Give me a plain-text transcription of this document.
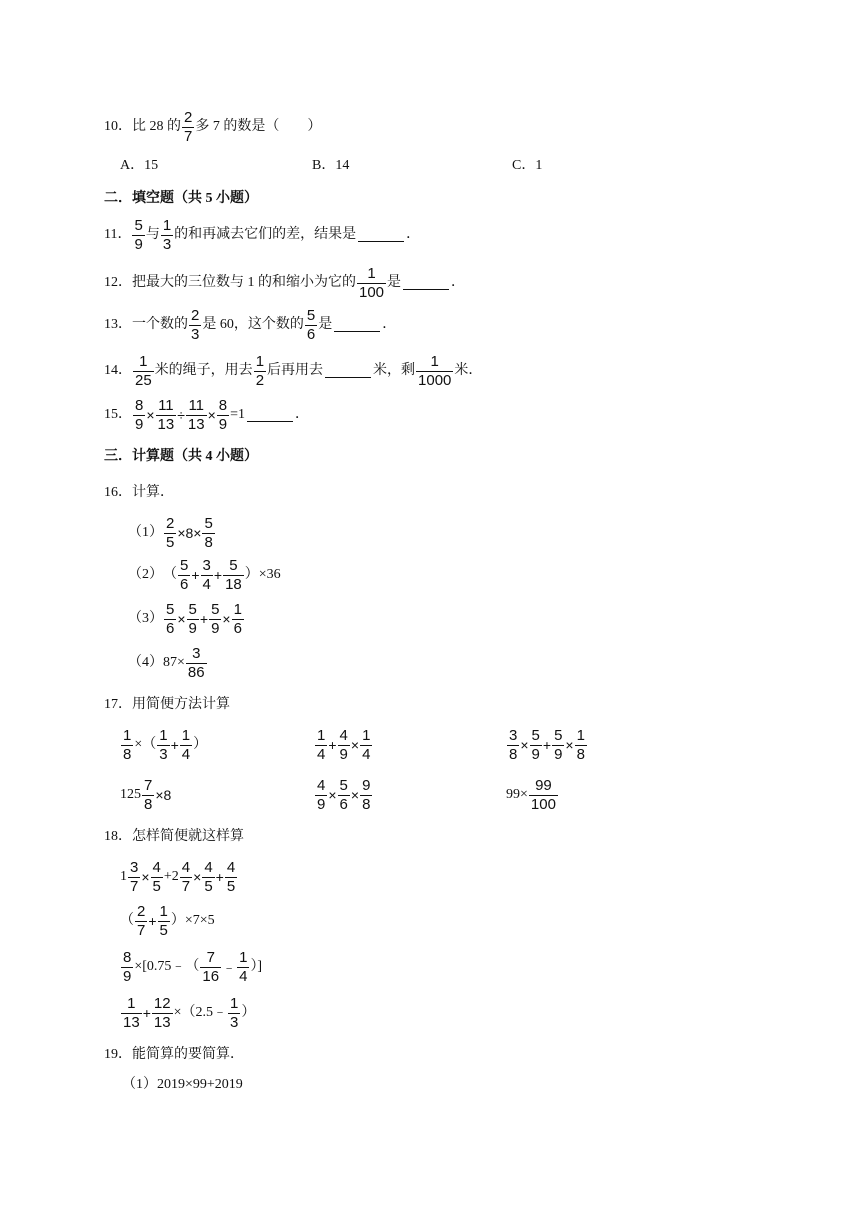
10． 比 28 的 $\frac{2}{7}$ 多 7 的数是（　　）
A．15	B．14	C．1
二．填空题（共 5 小题）
11． $\frac{5}{9}$ 与 $\frac{1}{3}$ 的和再减去它们的差，结果是	．
12． 把最大的三位数与 1 的和缩小为它的 $\frac{1}{100}$ 是	．
13． 一个数的 $\frac{2}{3}$ 是 60，这个数的 $\frac{5}{6}$ 是	．
14． $\frac{1}{25}$ 米的绳子，用去 $\frac{1}{2}$ 后再用去	米，剩 $\frac{1}{1000}$ 米．
15． $\frac{8}{9} \times \frac{11}{13} \div \frac{11}{13} \times \frac{8}{9} =1$	．
三．计算题（共 4 小题）
16． 计算．
$(1) \frac{2}{5} \times 8\times \frac{5}{8}$
（2） （ $\frac{5}{6} + \frac{3}{4} + \frac{5}{18} )\times 36$
$(3) \frac{5}{6} \times \frac{5}{9} + \frac{5}{9} \times \frac{1}{6}$
（4） $87\times \frac{3}{86}$
17． 用简便方法计算
$\frac{1}{8}$ ×（ $\frac{1}{3} + \frac{1}{4}$ ）	$\frac{1}{4} + \frac{4}{9} \times \frac{1}{4}$	$\frac{3}{8} \times \frac{5}{9} + \frac{5}{9} \times \frac{1}{8}$
$125 \frac{7}{8} \times 8$	$\frac{4}{9} \times \frac{5}{6} \times \frac{9}{8}$	$99\times \frac{99}{100}$
18． 怎样简便就这样算
$1 \frac{3}{7} \times \frac{4}{5} +2 \frac{4}{7} \times \frac{4}{5} + \frac{4}{5}$
（ $\frac{2}{7} + \frac{1}{5} )\times 7\times 5$
$\frac{8}{9}$ ×[0.75﹣（ $\frac{7}{16}$ ﹣ $\frac{1}{4}$ ）]
$\frac{1}{13} + \frac{12}{13}$ ×（2.5﹣ $\frac{1}{3}$ ）
19． 能简算的要简算．
（1）2019×99+2019
